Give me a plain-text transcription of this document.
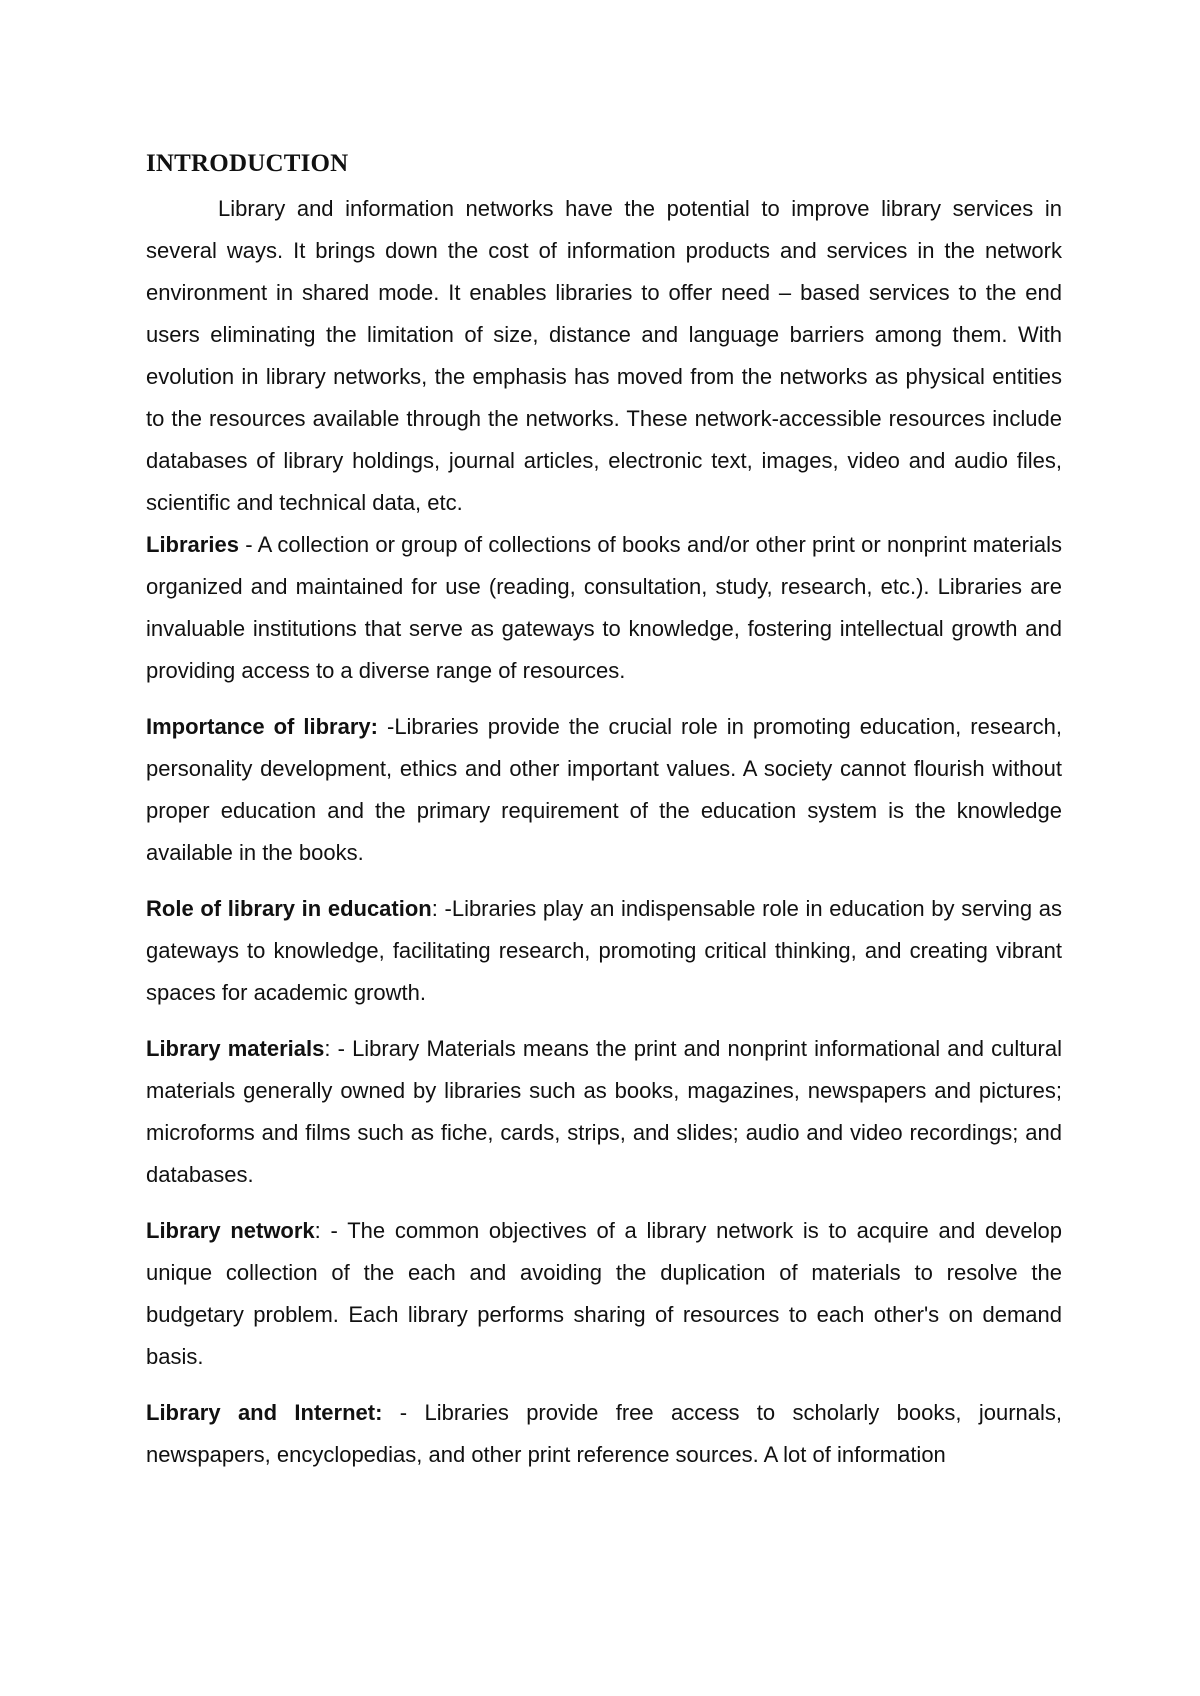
INTRODUCTION

Library and information networks have the potential to improve library services in several ways. It brings down the cost of information products and services in the network environment in shared mode. It enables libraries to offer need – based services to the end users eliminating the limitation of size, distance and language barriers among them. With evolution in library networks, the emphasis has moved from the networks as physical entities to the resources available through the networks. These network-accessible resources include databases of library holdings, journal articles, electronic text, images, video and audio files, scientific and technical data, etc.

Libraries - A collection or group of collections of books and/or other print or nonprint materials organized and maintained for use (reading, consultation, study, research, etc.). Libraries are invaluable institutions that serve as gateways to knowledge, fostering intellectual growth and providing access to a diverse range of resources.

Importance of library: -Libraries provide the crucial role in promoting education, research, personality development, ethics and other important values. A society cannot flourish without proper education and the primary requirement of the education system is the knowledge available in the books.

Role of library in education: -Libraries play an indispensable role in education by serving as gateways to knowledge, facilitating research, promoting critical thinking, and creating vibrant spaces for academic growth.

Library materials: - Library Materials means the print and nonprint informational and cultural materials generally owned by libraries such as books, magazines, newspapers and pictures; microforms and films such as fiche, cards, strips, and slides; audio and video recordings; and databases.

Library network: - The common objectives of a library network is to acquire and develop unique collection of the each and avoiding the duplication of materials to resolve the budgetary problem. Each library performs sharing of resources to each other's on demand basis.

Library and Internet: - Libraries provide free access to scholarly books, journals, newspapers, encyclopedias, and other print reference sources. A lot of information
